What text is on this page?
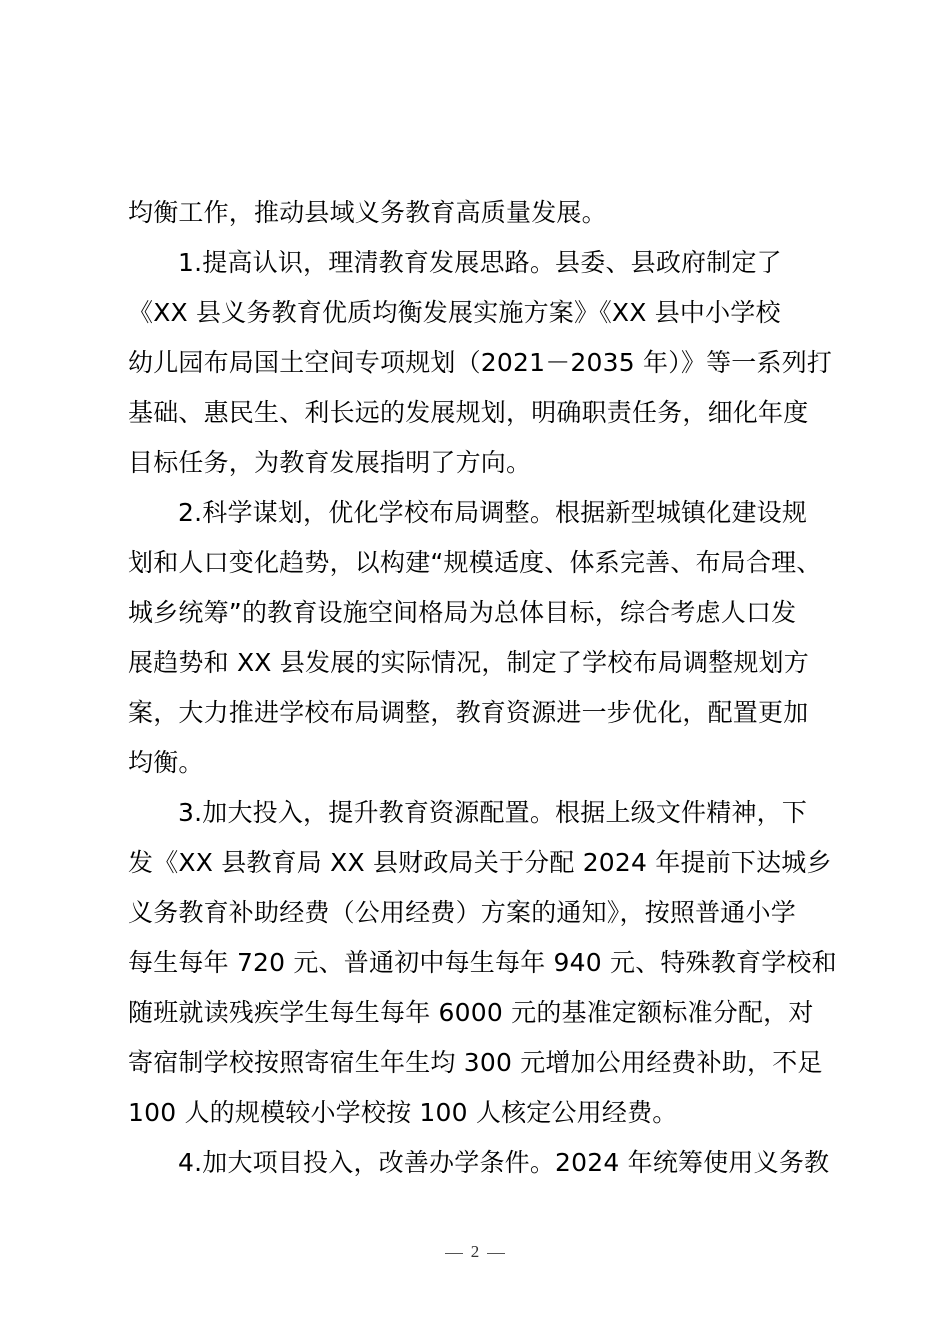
均衡工作，推动县域义务教育高质量发展。
1.提高认识，理清教育发展思路。县委、县政府制定了
《XX 县义务教育优质均衡发展实施方案》《XX 县中小学校
幼儿园布局国土空间专项规划（2021－2035 年）》等一系列打
基础、惠民生、利长远的发展规划，明确职责任务，细化年度
目标任务，为教育发展指明了方向。
2.科学谋划，优化学校布局调整。根据新型城镇化建设规
划和人口变化趋势，以构建“规模适度、体系完善、布局合理、
城乡统筹”的教育设施空间格局为总体目标，综合考虑人口发
展趋势和 XX 县发展的实际情况，制定了学校布局调整规划方
案，大力推进学校布局调整，教育资源进一步优化，配置更加
均衡。
3.加大投入，提升教育资源配置。根据上级文件精神，下
发《XX 县教育局 XX 县财政局关于分配 2024 年提前下达城乡
义务教育补助经费（公用经费）方案的通知》，按照普通小学
每生每年 720 元、普通初中每生每年 940 元、特殊教育学校和
随班就读残疾学生每生每年 6000 元的基准定额标准分配，对
寄宿制学校按照寄宿生年生均 300 元增加公用经费补助，不足
100 人的规模较小学校按 100 人核定公用经费。
4.加大项目投入，改善办学条件。2024 年统筹使用义务教
2
